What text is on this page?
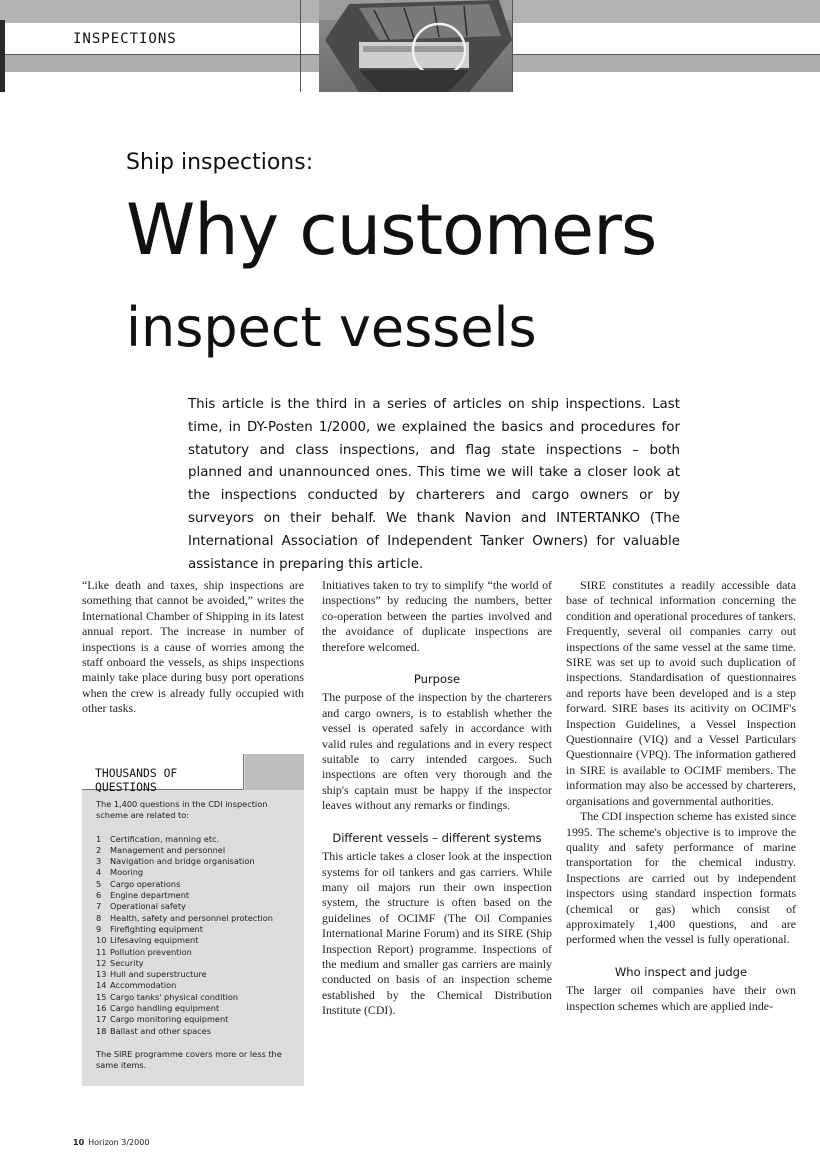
INSPECTIONS
Ship inspections:
Why customers
inspect vessels

This article is the third in a series of articles on ship inspections. Last time, in DY-Posten 1/2000, we explained the basics and procedures for statutory and class inspections, and flag state inspections – both planned and unannounced ones. This time we will take a closer look at the inspections conducted by charterers and cargo owners or by surveyors on their behalf. We thank Navion and INTERTANKO (The International Association of Independent Tanker Owners) for valuable assistance in preparing this article.

“Like death and taxes, ship inspections are something that cannot be avoided,” writes the International Chamber of Shipping in its latest annual report. The increase in number of inspections is a cause of worries among the staff onboard the vessels, as ships inspections mainly take place during busy port operations when the crew is already fully occupied with other tasks.

THOUSANDS OF QUESTIONS

The 1,400 questions in the CDI inspection scheme are related to:

1	Certification, manning etc.
2	Management and personnel
3	Navigation and bridge organisation
4	Mooring
5	Cargo operations
6	Engine department
7	Operational safety
8	Health, safety and personnel protection
9	Firefighting equipment
10 Lifesaving equipment
11 Pollution prevention
12 Security
13 Hull and superstructure
14 Accommodation
15 Cargo tanks' physical condition
16 Cargo handling equipment
17 Cargo monitoring equipment
18 Ballast and other spaces

The SIRE programme covers more or less the same items.

Initiatives taken to try to simplify “the world of inspections” by reducing the numbers, better co-operation between the parties involved and the avoidance of duplicate inspections are therefore welcomed.

Purpose

The purpose of the inspection by the charterers and cargo owners, is to establish whether the vessel is operated safely in accordance with valid rules and regulations and in every respect suitable to carry intended cargoes. Such inspections are often very thorough and the ship's captain must be happy if the inspector leaves without any remarks or findings.

Different vessels – different systems

This article takes a closer look at the inspection systems for oil tankers and gas carriers. While many oil majors run their own inspection system, the structure is often based on the guidelines of OCIMF (The Oil Companies International Marine Forum) and its SIRE (Ship Inspection Report) programme. Inspections of the medium and smaller gas carriers are mainly conducted on basis of an inspection scheme established by the Chemical Distribution Institute (CDI).

SIRE constitutes a readily accessible data base of technical information concerning the condition and operational procedures of tankers. Frequently, several oil companies carry out inspections of the same vessel at the same time. SIRE was set up to avoid such duplication of inspections. Standardisation of questionnaires and reports have been developed and is a step forward. SIRE bases its acitivity on OCIMF's Inspection Guidelines, a Vessel Inspection Questionnaire (VIQ) and a Vessel Particulars Questionnaire (VPQ). The information gathered in SIRE is available to OCIMF members. The information may also be accessed by charterers, organisations and governmental authorities.

The CDI inspection scheme has existed since 1995. The scheme's objective is to improve the quality and safety performance of marine transportation for the chemical industry. Inspections are carried out by independent inspectors using standard inspection formats (chemical or gas) which consist of approximately 1,400 questions, and are performed when the vessel is fully operational.

Who inspect and judge

The larger oil companies have their own inspection schemes which are applied inde-

10 Horizon 3/2000
